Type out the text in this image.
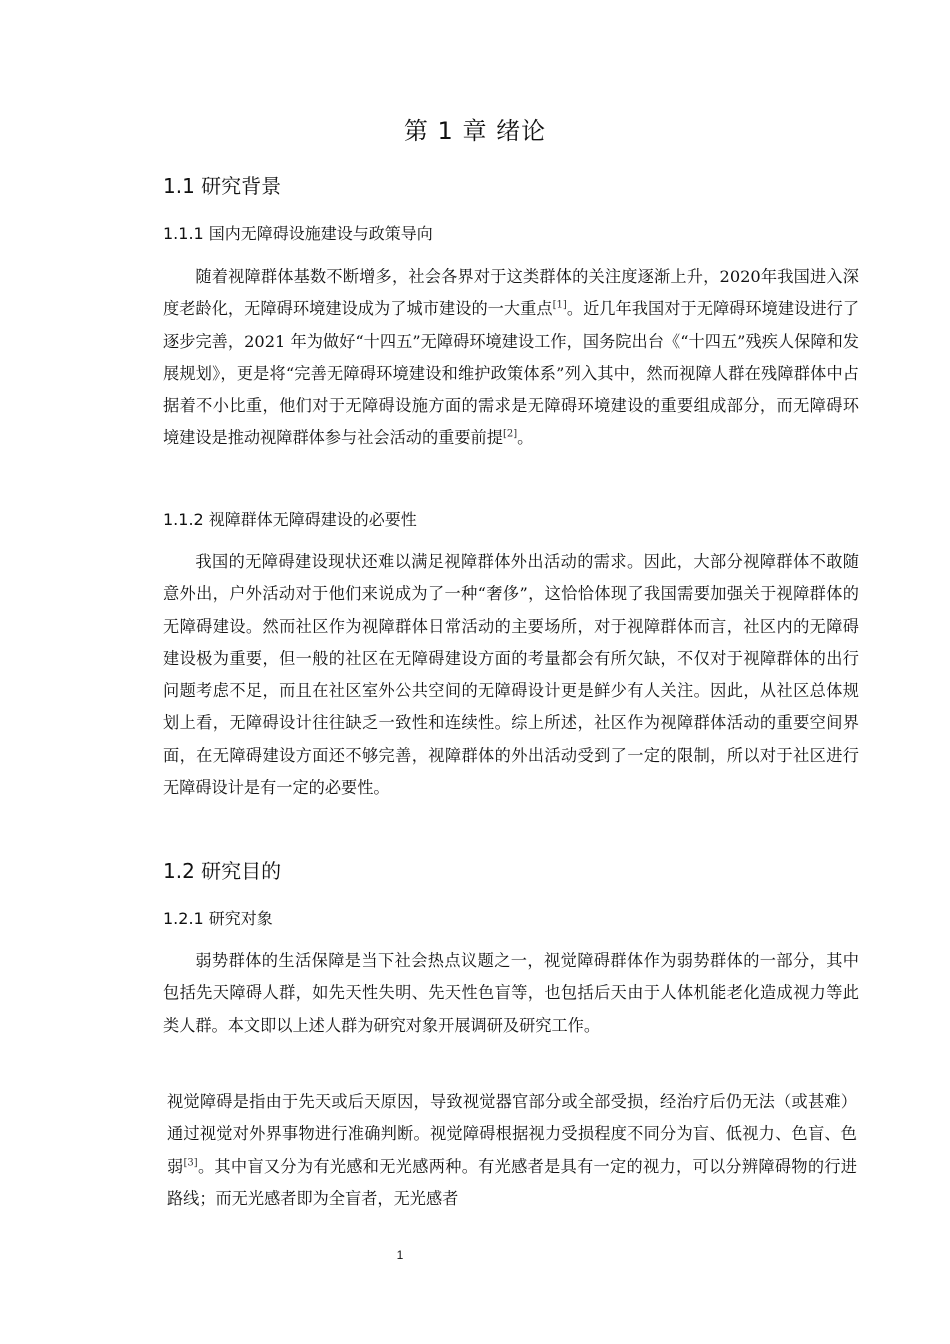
第 1 章 绪论
1.1 研究背景
1.1.1 国内无障碍设施建设与政策导向

随着视障群体基数不断增多，社会各界对于这类群体的关注度逐渐上升，2020年我国进入深度老龄化，无障碍环境建设成为了城市建设的一大重点[1]。近几年我国对于无障碍环境建设进行了逐步完善，2021 年为做好“十四五”无障碍环境建设工作，国务院出台《“十四五”残疾人保障和发展规划》，更是将“完善无障碍环境建设和维护政策体系”列入其中，然而视障人群在残障群体中占据着不小比重，他们对于无障碍设施方面的需求是无障碍环境建设的重要组成部分，而无障碍环境建设是推动视障群体参与社会活动的重要前提[2]。

1.1.2 视障群体无障碍建设的必要性

我国的无障碍建设现状还难以满足视障群体外出活动的需求。因此，大部分视障群体不敢随意外出，户外活动对于他们来说成为了一种“奢侈”，这恰恰体现了我国需要加强关于视障群体的无障碍建设。然而社区作为视障群体日常活动的主要场所，对于视障群体而言，社区内的无障碍建设极为重要，但一般的社区在无障碍建设方面的考量都会有所欠缺，不仅对于视障群体的出行问题考虑不足，而且在社区室外公共空间的无障碍设计更是鲜少有人关注。因此，从社区总体规划上看，无障碍设计往往缺乏一致性和连续性。综上所述，社区作为视障群体活动的重要空间界面，在无障碍建设方面还不够完善，视障群体的外出活动受到了一定的限制，所以对于社区进行无障碍设计是有一定的必要性。

1.2 研究目的
1.2.1 研究对象

弱势群体的生活保障是当下社会热点议题之一，视觉障碍群体作为弱势群体的一部分，其中包括先天障碍人群，如先天性失明、先天性色盲等，也包括后天由于人体机能老化造成视力等此类人群。本文即以上述人群为研究对象开展调研及研究工作。

视觉障碍是指由于先天或后天原因，导致视觉器官部分或全部受损，经治疗后仍无法（或甚难）通过视觉对外界事物进行准确判断。视觉障碍根据视力受损程度不同分为盲、低视力、色盲、色弱[3]。其中盲又分为有光感和无光感两种。有光感者是具有一定的视力，可以分辨障碍物的行进路线；而无光感者即为全盲者，无光感者

1
